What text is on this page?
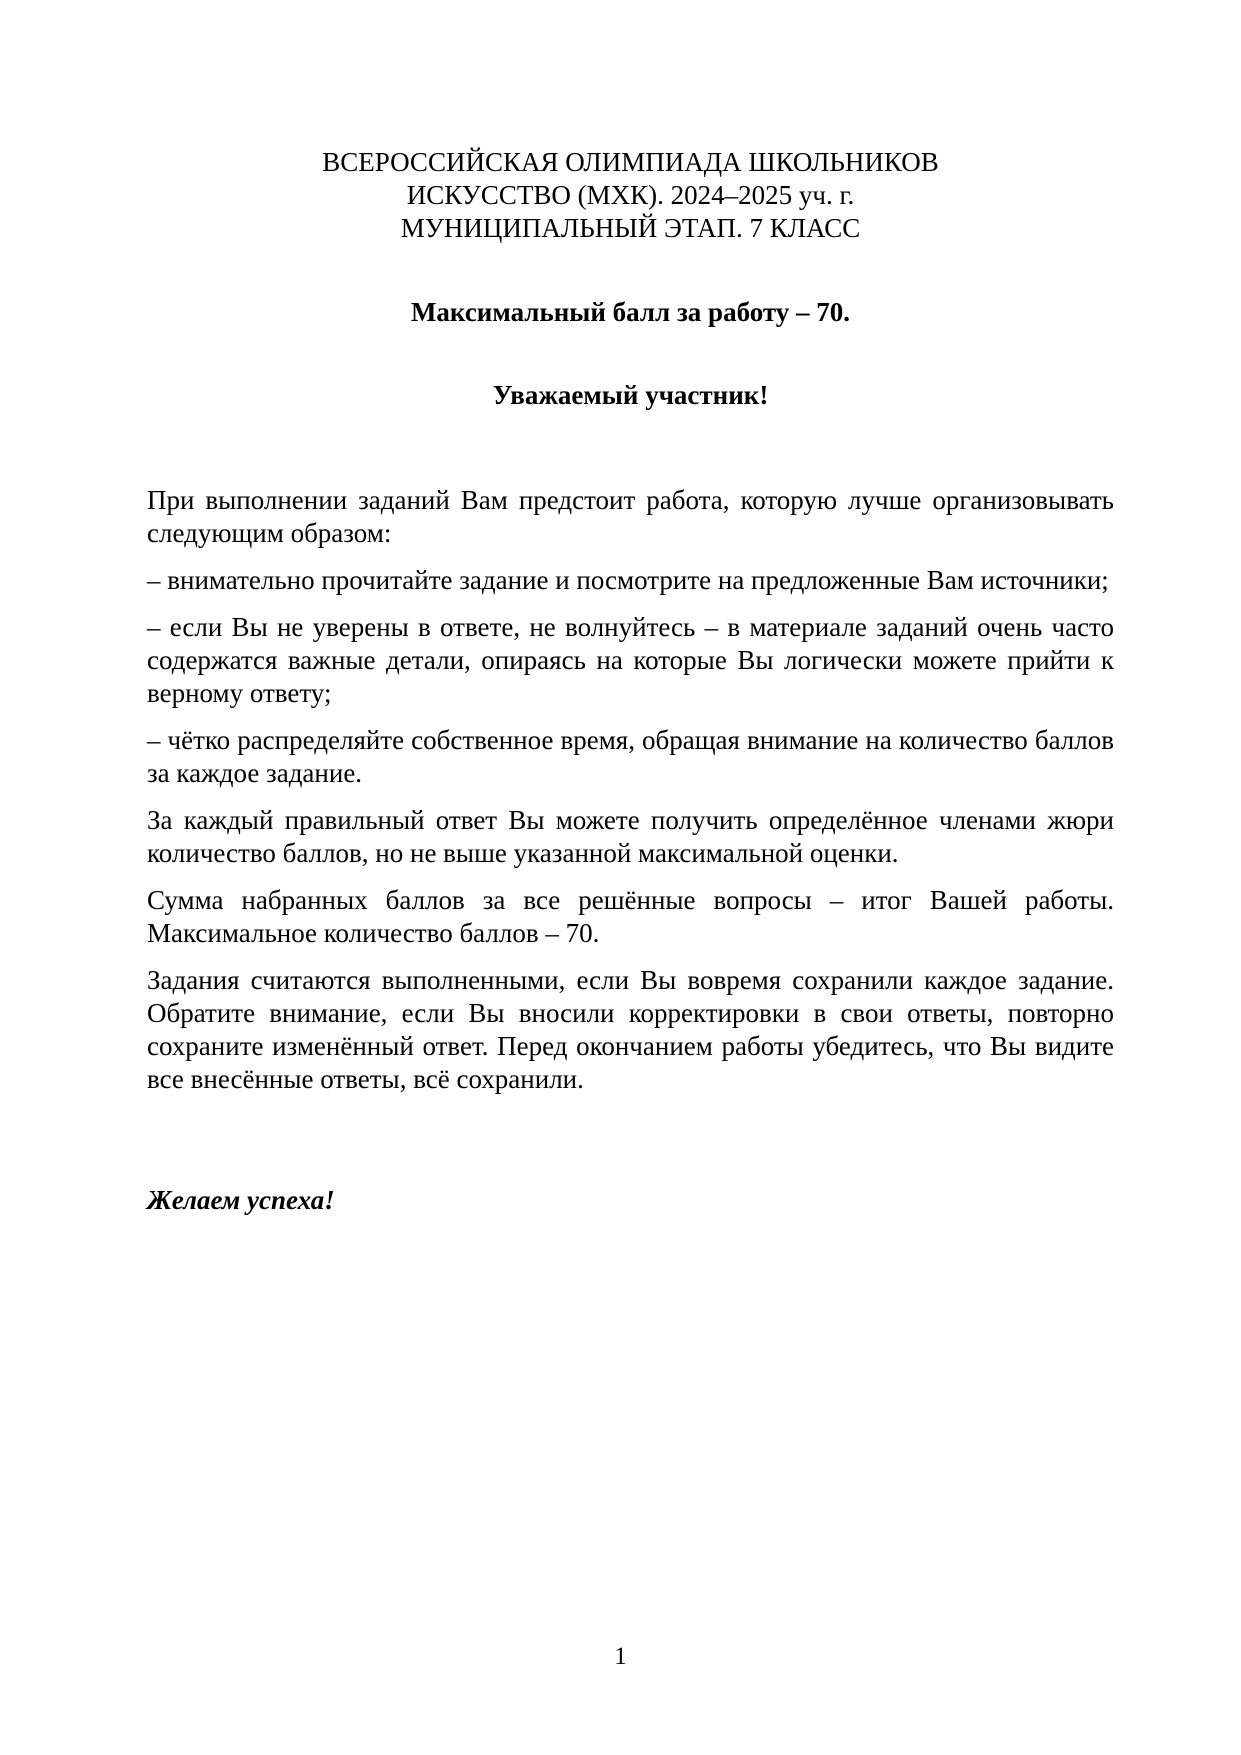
ВСЕРОССИЙСКАЯ ОЛИМПИАДА ШКОЛЬНИКОВ
ИСКУССТВО (МХК). 2024–2025 уч. г.
МУНИЦИПАЛЬНЫЙ ЭТАП. 7 КЛАСС
Максимальный балл за работу – 70.
Уважаемый участник!

При выполнении заданий Вам предстоит работа, которую лучше организовывать следующим образом:

– внимательно прочитайте задание и посмотрите на предложенные Вам источники;

– если Вы не уверены в ответе, не волнуйтесь – в материале заданий очень часто содержатся важные детали, опираясь на которые Вы логически можете прийти к верному ответу;

– чётко распределяйте собственное время, обращая внимание на количество баллов за каждое задание.

За каждый правильный ответ Вы можете получить определённое членами жюри количество баллов, но не выше указанной максимальной оценки.

Сумма набранных баллов за все решённые вопросы – итог Вашей работы. Максимальное количество баллов – 70.

Задания считаются выполненными, если Вы вовремя сохранили каждое задание. Обратите внимание, если Вы вносили корректировки в свои ответы, повторно сохраните изменённый ответ. Перед окончанием работы убедитесь, что Вы видите все внесённые ответы, всё сохранили.

Желаем успеха!
1
